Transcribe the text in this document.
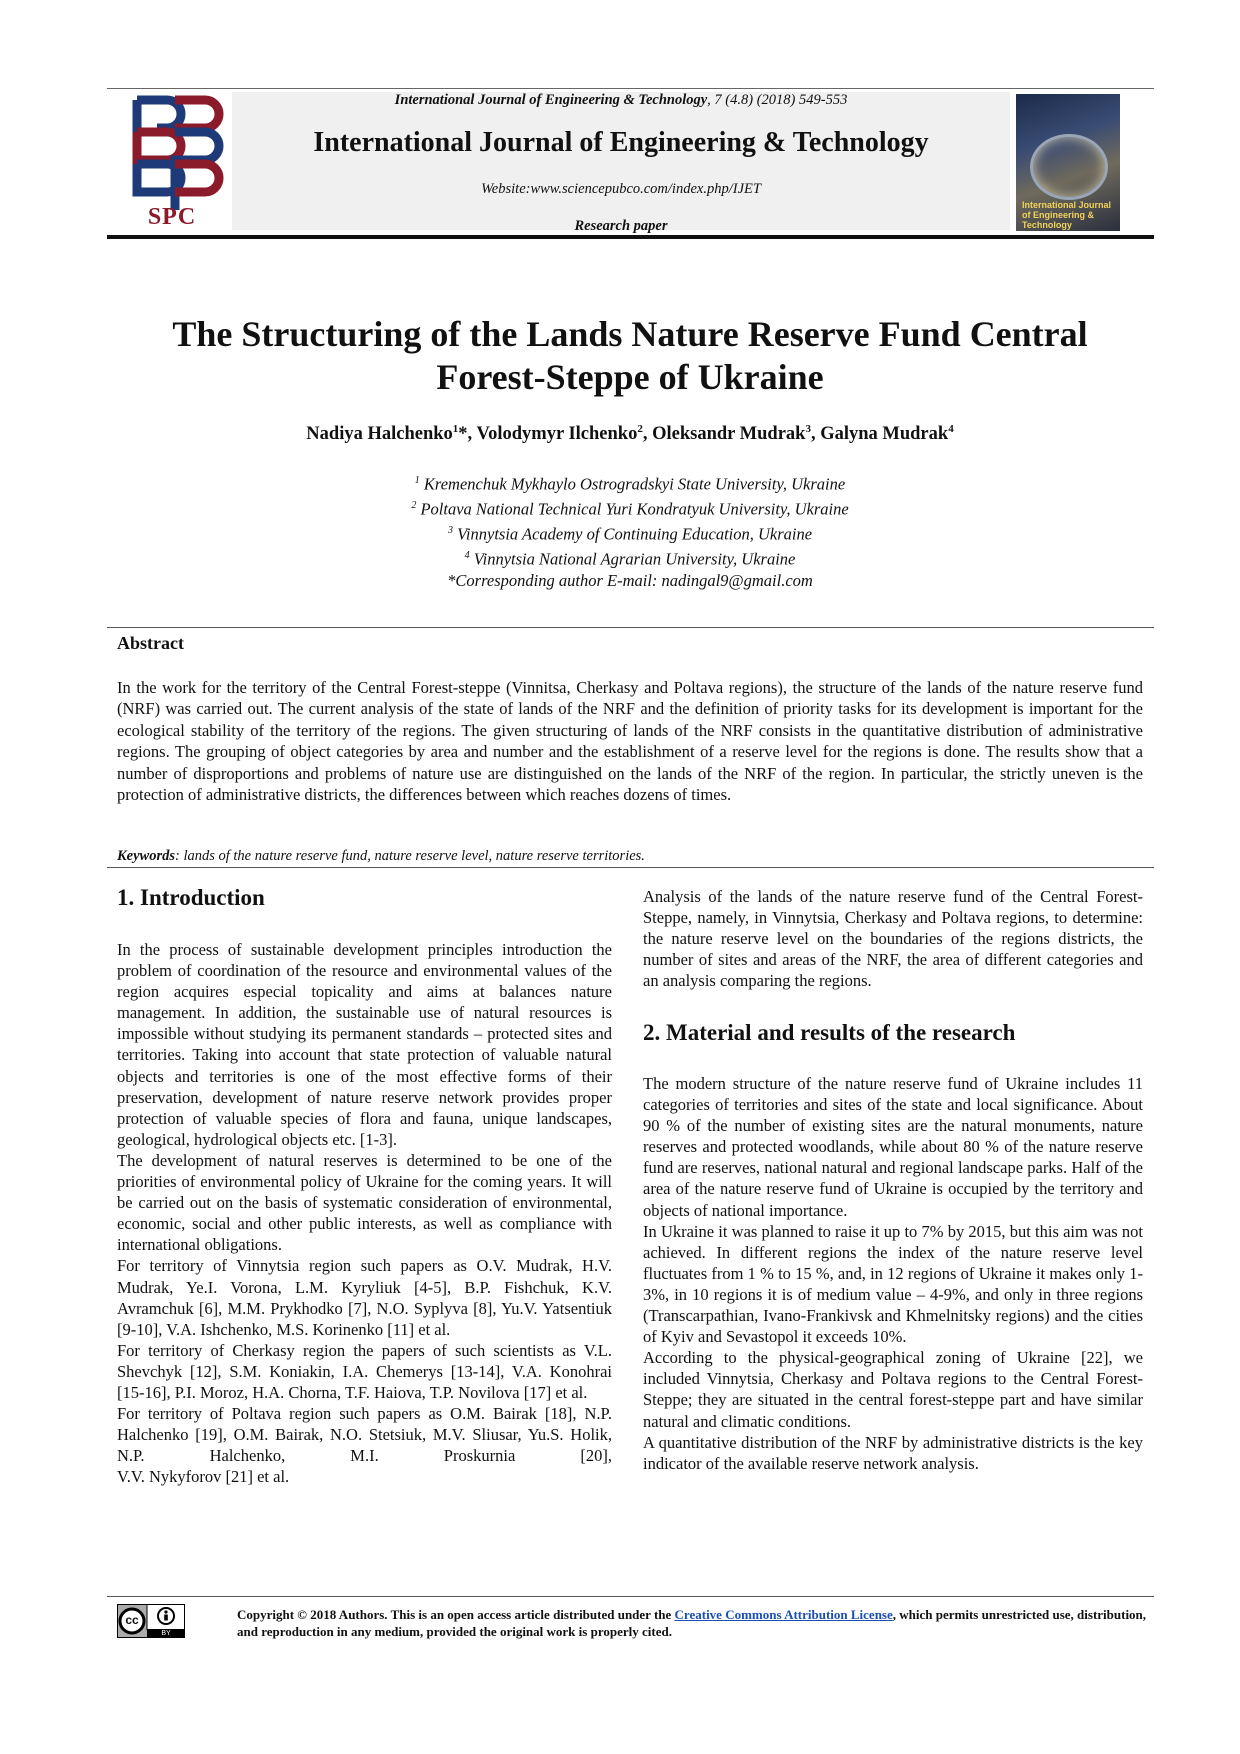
SPC
International Journal of Engineering & Technology, 7 (4.8) (2018) 549-553
International Journal of Engineering & Technology
Website:www.sciencepubco.com/index.php/IJET
Research paper
International Journal of Engineering & Technology
The Structuring of the Lands Nature Reserve Fund Central Forest-Steppe of Ukraine
Nadiya Halchenko$^1$*, Volodymyr Ilchenko$^2$, Oleksandr Mudrak$^3$, Galyna Mudrak$^4$
$^1$ Kremenchuk Mykhaylo Ostrogradskyi State University, Ukraine
$^2$ Poltava National Technical Yuri Kondratyuk University, Ukraine
$^3$ Vinnytsia Academy of Continuing Education, Ukraine
$^4$ Vinnytsia National Agrarian University, Ukraine
*Corresponding author E-mail: nadingal9@gmail.com
Abstract
In the work for the territory of the Central Forest-steppe (Vinnitsa, Cherkasy and Poltava regions), the structure of the lands of the nature reserve fund (NRF) was carried out. The current analysis of the state of lands of the NRF and the definition of priority tasks for its development is important for the ecological stability of the territory of the regions. The given structuring of lands of the NRF consists in the quantitative distribution of administrative regions. The grouping of object categories by area and number and the establishment of a reserve level for the regions is done. The results show that a number of disproportions and problems of nature use are distinguished on the lands of the NRF of the region. In particular, the strictly uneven is the protection of administrative districts, the differences between which reaches dozens of times.
Keywords: lands of the nature reserve fund, nature reserve level, nature reserve territories.
1. Introduction

In the process of sustainable development principles introduction the problem of coordination of the resource and environmental values of the region acquires especial topicality and aims at balances nature management. In addition, the sustainable use of natural resources is impossible without studying its permanent standards – protected sites and territories. Taking into account that state protection of valuable natural objects and territories is one of the most effective forms of their preservation, development of nature reserve network provides proper protection of valuable species of flora and fauna, unique landscapes, geological, hydrological objects etc. [1-3].

The development of natural reserves is determined to be one of the priorities of environmental policy of Ukraine for the coming years. It will be carried out on the basis of systematic consideration of environmental, economic, social and other public interests, as well as compliance with international obligations.

For territory of Vinnytsia region such papers as O.V. Mudrak, H.V. Mudrak, Ye.I. Vorona, L.M. Kyryliuk [4-5], B.P. Fishchuk, K.V. Avramchuk [6], M.M. Prykhodko [7], N.O. Syplyva [8], Yu.V. Yatsentiuk [9-10], V.A. Ishchenko, M.S. Korinenko [11] et al.

For territory of Cherkasy region the papers of such scientists as V.L. Shevchyk [12], S.M. Koniakin, I.A. Chemerys [13-14], V.A. Konohrai [15-16], P.I. Moroz, H.A. Chorna, T.F. Haiova, T.P. Novilova [17] et al.

For territory of Poltava region such papers as O.M. Bairak [18], N.P. Halchenko [19], O.M. Bairak, N.O. Stetsiuk, M.V. Sliusar, Yu.S. Holik, N.P. Halchenko, M.I. Proskurnia [20],

V.V. Nykyforov [21] et al.

Analysis of the lands of the nature reserve fund of the Central Forest-Steppe, namely, in Vinnytsia, Cherkasy and Poltava regions, to determine: the nature reserve level on the boundaries of the regions districts, the number of sites and areas of the NRF, the area of different categories and an analysis comparing the regions.
2. Material and results of the research

The modern structure of the nature reserve fund of Ukraine includes 11 categories of territories and sites of the state and local significance. About 90 % of the number of existing sites are the natural monuments, nature reserves and protected woodlands, while about 80 % of the nature reserve fund are reserves, national natural and regional landscape parks. Half of the area of the nature reserve fund of Ukraine is occupied by the territory and objects of national importance.

In Ukraine it was planned to raise it up to 7% by 2015, but this aim was not achieved. In different regions the index of the nature reserve level fluctuates from 1 % to 15 %, and, in 12 regions of Ukraine it makes only 1-3%, in 10 regions it is of medium value – 4-9%, and only in three regions (Transcarpathian, Ivano-Frankivsk and Khmelnitsky regions) and the cities of Kyiv and Sevastopol it exceeds 10%.

According to the physical-geographical zoning of Ukraine [22], we included Vinnytsia, Cherkasy and Poltava regions to the Central Forest-Steppe; they are situated in the central forest-steppe part and have similar natural and climatic conditions.

A quantitative distribution of the NRF by administrative districts is the key indicator of the available reserve network analysis.

cc
BY
Copyright © 2018 Authors. This is an open access article distributed under the Creative Commons Attribution License, which permits unrestricted use, distribution, and reproduction in any medium, provided the original work is properly cited.
